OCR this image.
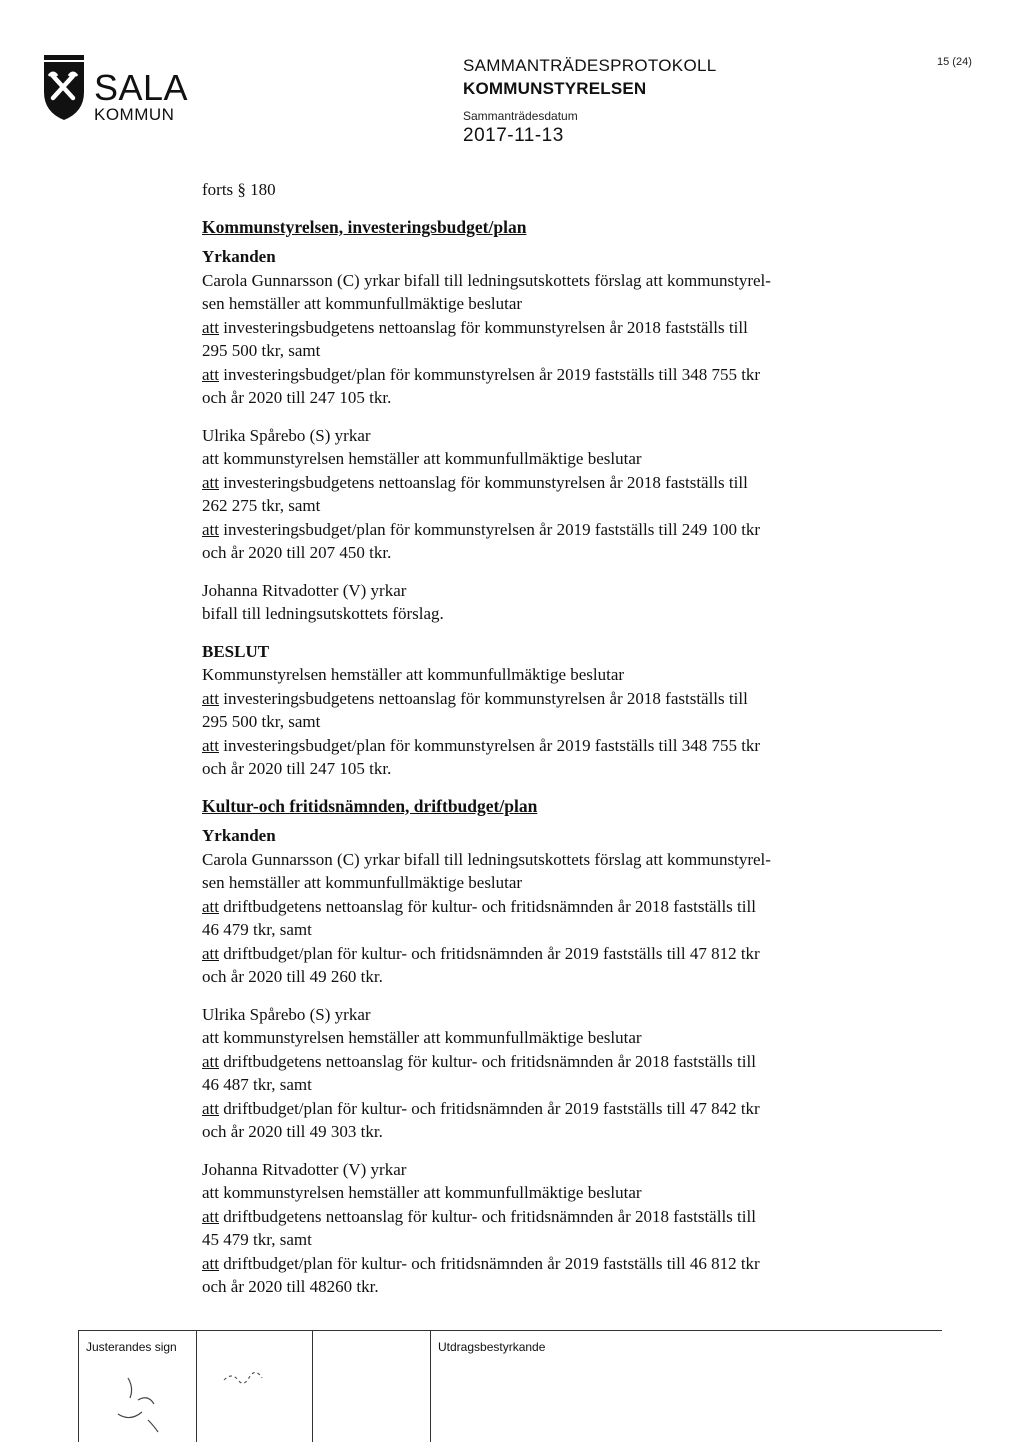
SALA
KOMMUN
SAMMANTRÄDESPROTOKOLL
KOMMUNSTYRELSEN
Sammanträdesdatum
2017-11-13
15 (24)

forts § 180

Kommunstyrelsen, investeringsbudget/plan

Yrkanden

Carola Gunnarsson (C) yrkar bifall till ledningsutskottets förslag att kommunstyrel-

sen hemställer att kommunfullmäktige beslutar

att investeringsbudgetens nettoanslag för kommunstyrelsen år 2018 fastställs till

295 500 tkr, samt

att investeringsbudget/plan för kommunstyrelsen år 2019 fastställs till 348 755 tkr

och år 2020 till 247 105 tkr.

Ulrika Spårebo (S) yrkar

att kommunstyrelsen hemställer att kommunfullmäktige beslutar

att investeringsbudgetens nettoanslag för kommunstyrelsen år 2018 fastställs till

262 275 tkr, samt

att investeringsbudget/plan för kommunstyrelsen år 2019 fastställs till 249 100 tkr

och år 2020 till 207 450 tkr.

Johanna Ritvadotter (V) yrkar

bifall till ledningsutskottets förslag.

BESLUT

Kommunstyrelsen hemställer att kommunfullmäktige beslutar

att investeringsbudgetens nettoanslag för kommunstyrelsen år 2018 fastställs till

295 500 tkr, samt

att investeringsbudget/plan för kommunstyrelsen år 2019 fastställs till 348 755 tkr

och år 2020 till 247 105 tkr.

Kultur-och fritidsnämnden, driftbudget/plan

Yrkanden

Carola Gunnarsson (C) yrkar bifall till ledningsutskottets förslag att kommunstyrel-

sen hemställer att kommunfullmäktige beslutar

att driftbudgetens nettoanslag för kultur- och fritidsnämnden år 2018 fastställs till

46 479 tkr, samt

att driftbudget/plan för kultur- och fritidsnämnden år 2019 fastställs till 47 812 tkr

och år 2020 till 49 260 tkr.

Ulrika Spårebo (S) yrkar

att kommunstyrelsen hemställer att kommunfullmäktige beslutar

att driftbudgetens nettoanslag för kultur- och fritidsnämnden år 2018 fastställs till

46 487 tkr, samt

att driftbudget/plan för kultur- och fritidsnämnden år 2019 fastställs till 47 842 tkr

och år 2020 till 49 303 tkr.

Johanna Ritvadotter (V) yrkar

att kommunstyrelsen hemställer att kommunfullmäktige beslutar

att driftbudgetens nettoanslag för kultur- och fritidsnämnden år 2018 fastställs till

45 479 tkr, samt

att driftbudget/plan för kultur- och fritidsnämnden år 2019 fastställs till 46 812 tkr

och år 2020 till 48260 tkr.

Justerandes sign	Utdragsbestyrkande
